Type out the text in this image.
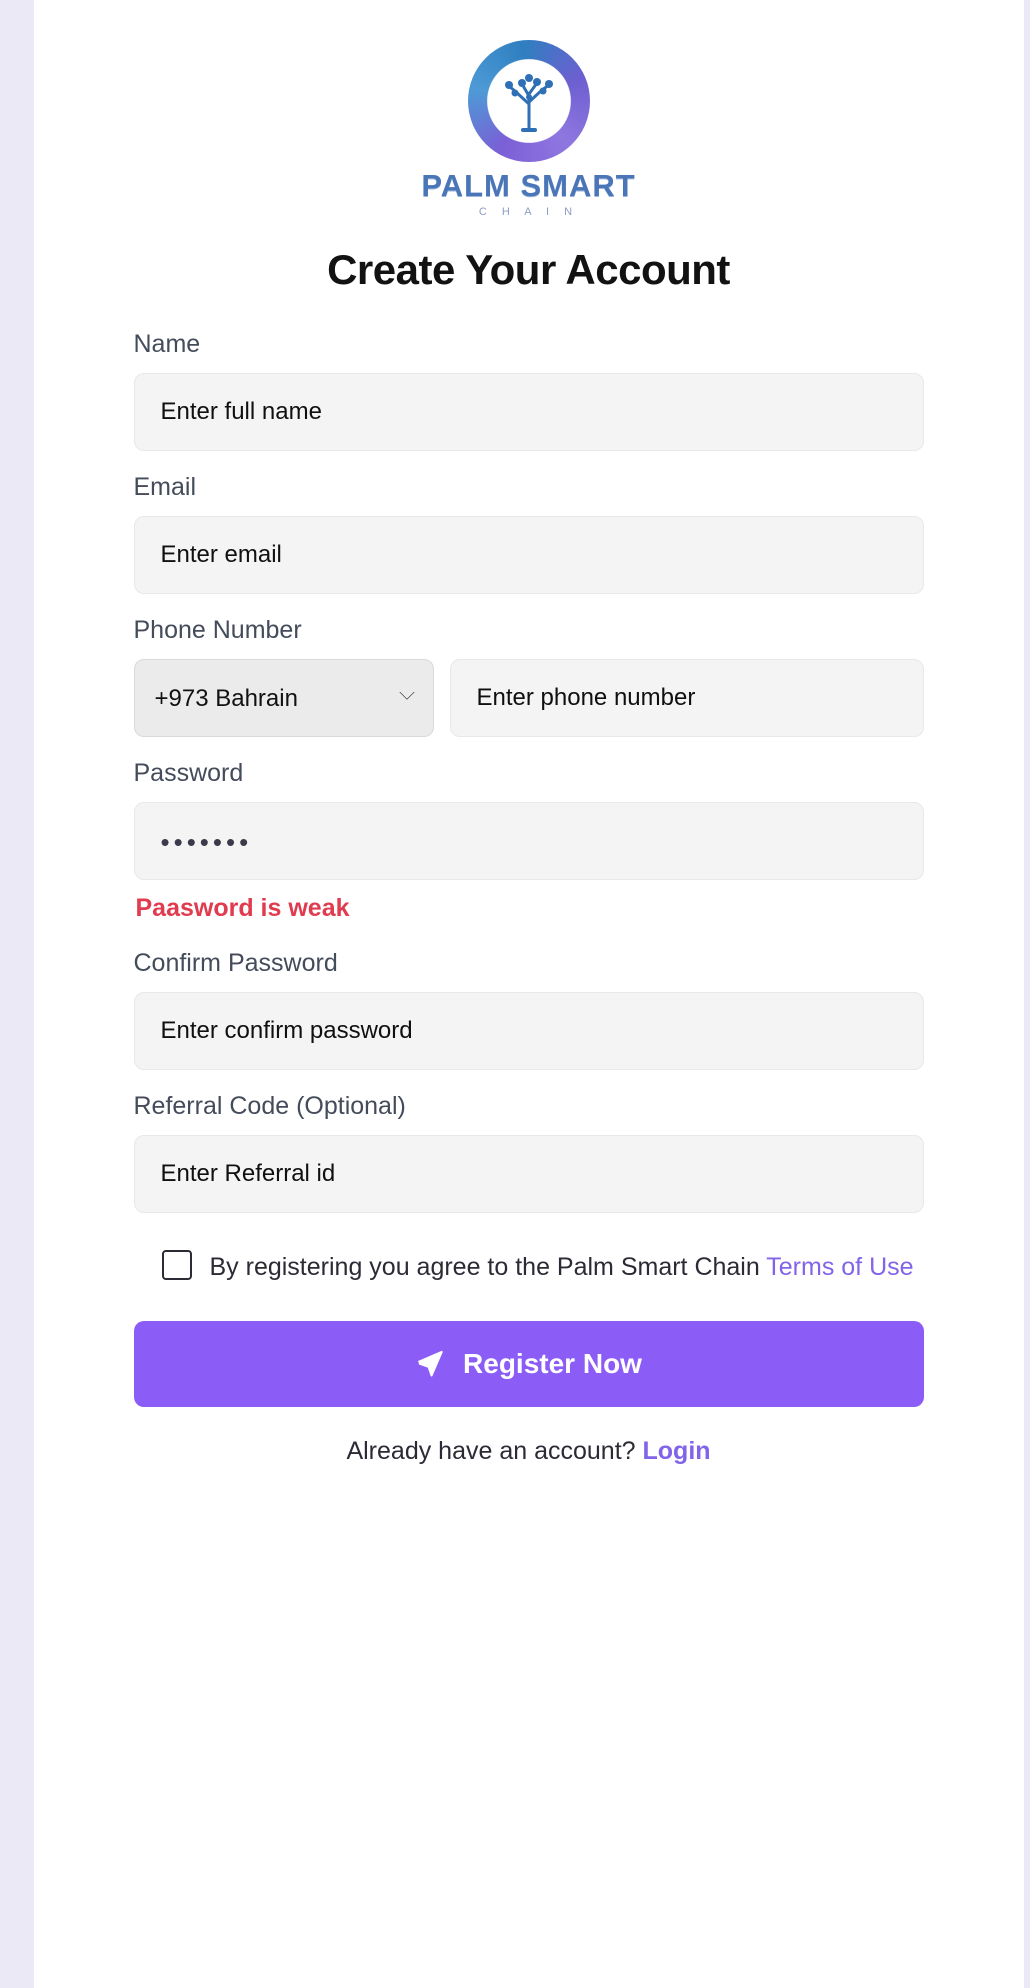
PALM SMART
C H A I N
Create Your Account
Name
Enter full name
Email
Enter email
Phone Number
+973 Bahrain
Enter phone number
Password
•••••••
Paasword is weak
Confirm Password
Enter confirm password
Referral Code (Optional)
Enter Referral id
By registering you agree to the Palm Smart Chain Terms of Use
Register Now
Already have an account? Login
